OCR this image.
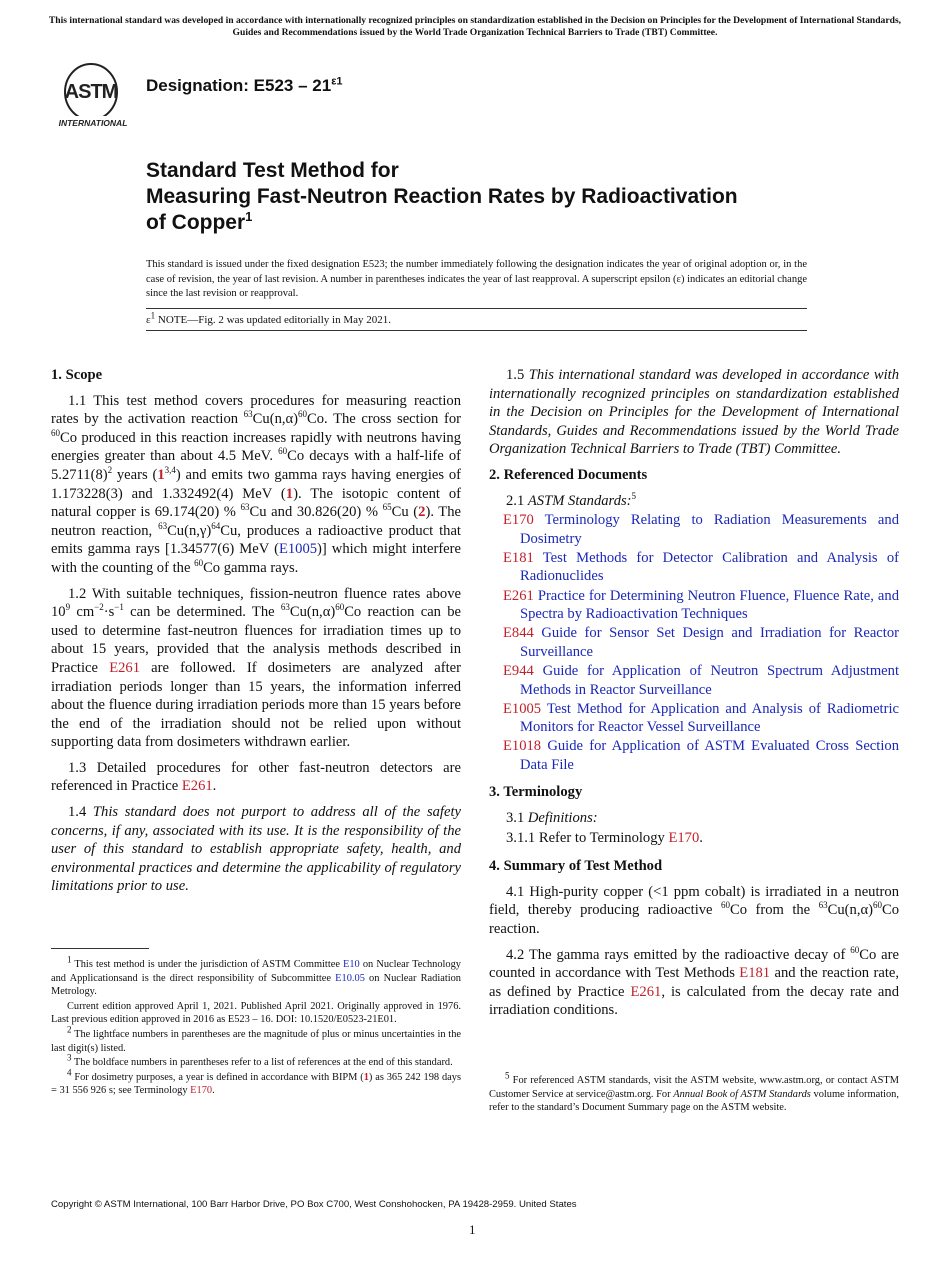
This international standard was developed in accordance with internationally recognized principles on standardization established in the Decision on Principles for the Development of International Standards, Guides and Recommendations issued by the World Trade Organization Technical Barriers to Trade (TBT) Committee.
ASTM
INTERNATIONAL
Designation: $E523 - 21^{\varepsilon 1}$
Standard Test Method for
Measuring Fast-Neutron Reaction Rates by Radioactivation
of Copper$^1$
This standard is issued under the fixed designation E523; the number immediately following the designation indicates the year of original adoption or, in the case of revision, the year of last revision. A number in parentheses indicates the year of last reapproval. A superscript epsilon (ε) indicates an editorial change since the last revision or reapproval.
$\varepsilon^1$ NOTE—Fig. 2 was updated editorially in May 2021.
1. Scope

1.1 This test method covers procedures for measuring reaction rates by the activation reaction $^{63}Cu(n,\alpha)^{60}Co$. The cross section for $^{60}$Co produced in this reaction increases rapidly with neutrons having energies greater than about 4.5 MeV. $^{60}$Co decays with a half-life of $5.2711(8)^2$ years (1$^{3,4}$) and emits two gamma rays having energies of 1.173228(3) and 1.332492(4) MeV (1). The isotopic content of natural copper is 69.174(20) % $^{63}$Cu and 30.826(20) % $^{65}$Cu (2). The neutron reaction, $^{63}Cu(n,\gamma)^{64}Cu$, produces a radioactive product that emits gamma rays [1.34577(6) MeV (E1005)] which might interfere with the counting of the $^{60}$Co gamma rays.

1.2 With suitable techniques, fission-neutron fluence rates above $10^9$ $cm^{-2}\cdot s^{-1}$ can be determined. The $^{63}Cu(n,\alpha)^{60}Co$ reaction can be used to determine fast-neutron fluences for irradiation times up to about 15 years, provided that the analysis methods described in Practice E261 are followed. If dosimeters are analyzed after irradiation periods longer than 15 years, the information inferred about the fluence during irradiation periods more than 15 years before the end of the irradiation should not be relied upon without supporting data from dosimeters withdrawn earlier.

1.3 Detailed procedures for other fast-neutron detectors are referenced in Practice E261.

1.4 This standard does not purport to address all of the safety concerns, if any, associated with its use. It is the responsibility of the user of this standard to establish appropriate safety, health, and environmental practices and determine the applicability of regulatory limitations prior to use.

$^1$ This test method is under the jurisdiction of ASTM Committee E10 on Nuclear Technology and Applicationsand is the direct responsibility of Subcommittee E10.05 on Nuclear Radiation Metrology.
Current edition approved April 1, 2021. Published April 2021. Originally approved in 1976. Last previous edition approved in 2016 as E523 – 16. DOI: 10.1520/E0523-21E01.
$^2$ The lightface numbers in parentheses are the magnitude of plus or minus uncertainties in the last digit(s) listed.
$^3$ The boldface numbers in parentheses refer to a list of references at the end of this standard.
$^4$ For dosimetry purposes, a year is defined in accordance with BIPM (1) as 365 242 198 days = 31 556 926 s; see Terminology E170.

1.5 This international standard was developed in accordance with internationally recognized principles on standardization established in the Decision on Principles for the Development of International Standards, Guides and Recommendations issued by the World Trade Organization Technical Barriers to Trade (TBT) Committee.

2. Referenced Documents
2.1 ASTM Standards:$^5$
E170 Terminology Relating to Radiation Measurements and Dosimetry
E181 Test Methods for Detector Calibration and Analysis of Radionuclides
E261 Practice for Determining Neutron Fluence, Fluence Rate, and Spectra by Radioactivation Techniques
E844 Guide for Sensor Set Design and Irradiation for Reactor Surveillance
E944 Guide for Application of Neutron Spectrum Adjustment Methods in Reactor Surveillance
E1005 Test Method for Application and Analysis of Radiometric Monitors for Reactor Vessel Surveillance
E1018 Guide for Application of ASTM Evaluated Cross Section Data File
3. Terminology
3.1 Definitions:
3.1.1 Refer to Terminology E170.
4. Summary of Test Method

4.1 High-purity copper (<1 ppm cobalt) is irradiated in a neutron field, thereby producing radioactive $^{60}$Co from the $^{63}Cu(n,\alpha)^{60}Co$ reaction.

4.2 The gamma rays emitted by the radioactive decay of $^{60}$Co are counted in accordance with Test Methods E181 and the reaction rate, as defined by Practice E261, is calculated from the decay rate and irradiation conditions.

$^5$ For referenced ASTM standards, visit the ASTM website, www.astm.org, or contact ASTM Customer Service at service@astm.org. For Annual Book of ASTM Standards volume information, refer to the standard’s Document Summary page on the ASTM website.
Copyright © ASTM International, 100 Barr Harbor Drive, PO Box C700, West Conshohocken, PA 19428-2959. United States
1
